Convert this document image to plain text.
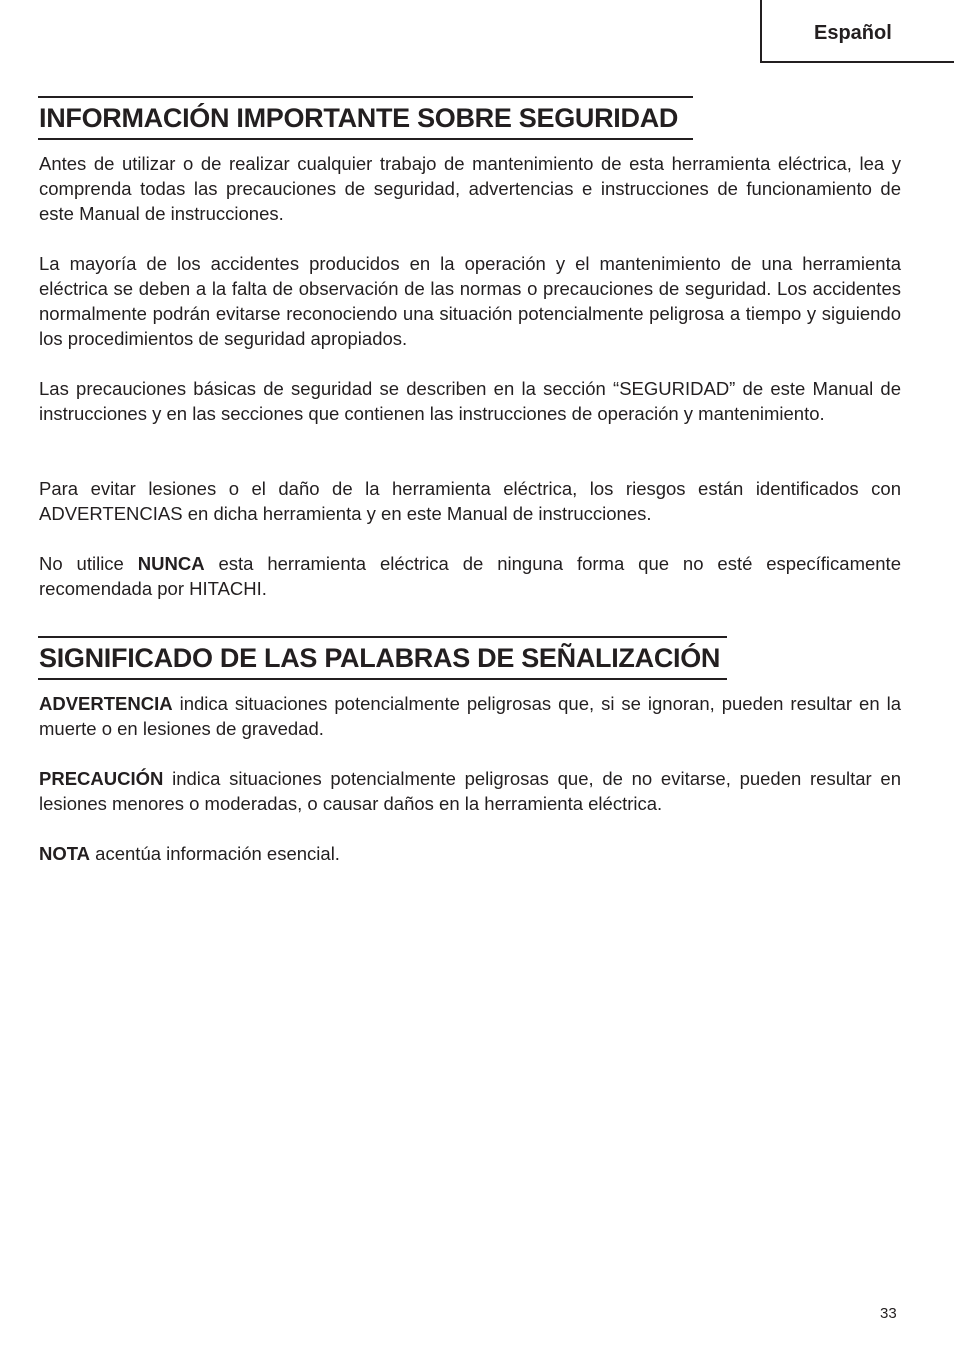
Español
INFORMACIÓN IMPORTANTE SOBRE SEGURIDAD

Antes de utilizar o de realizar cualquier trabajo de mantenimiento de esta herramienta eléctrica, lea y comprenda todas las precauciones de seguridad, advertencias e instrucciones de funcionamiento de este Manual de instrucciones.

La mayoría de los accidentes producidos en la operación y el mantenimiento de una herramienta eléctrica se deben a la falta de observación de las normas o precauciones de seguridad. Los accidentes normalmente podrán evitarse reconociendo una situación potencialmente peligrosa a tiempo y siguiendo los procedimientos de seguridad apropiados.

Las precauciones básicas de seguridad se describen en la sección “SEGURIDAD” de este Manual de instrucciones y en las secciones que contienen las instrucciones de operación y mantenimiento.

Para evitar lesiones o el daño de la herramienta eléctrica, los riesgos están identificados con ADVERTENCIAS en dicha herramienta y en este Manual de instrucciones.

No utilice NUNCA esta herramienta eléctrica de ninguna forma que no esté específicamente recomendada por HITACHI.

SIGNIFICADO DE LAS PALABRAS DE SEÑALIZACIÓN

ADVERTENCIA indica situaciones potencialmente peligrosas que, si se ignoran, pueden resultar en la muerte o en lesiones de gravedad.

PRECAUCIÓN indica situaciones potencialmente peligrosas que, de no evitarse, pueden resultar en lesiones menores o moderadas, o causar daños en la herramienta eléctrica.

NOTA acentúa información esencial.

33
